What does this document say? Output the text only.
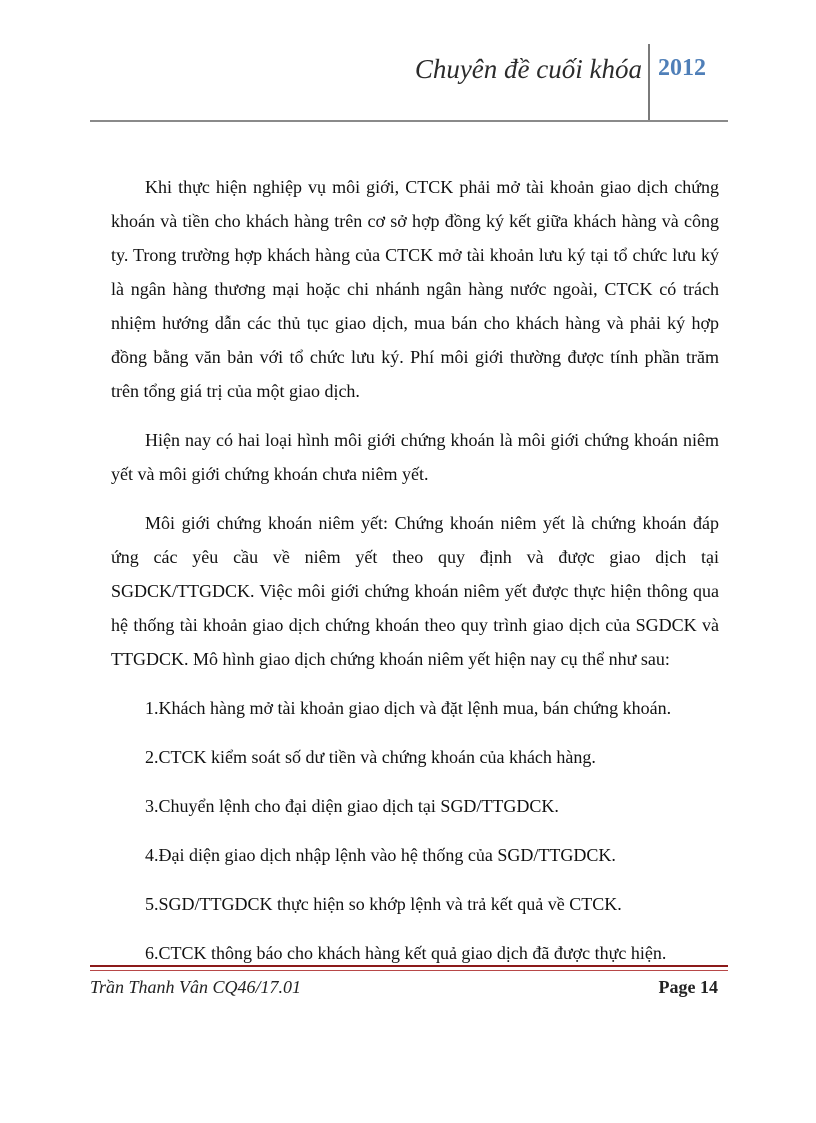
Chuyên đề cuối khóa 2012

Khi thực hiện nghiệp vụ môi giới, CTCK phải mở tài khoản giao dịch chứng khoán và tiền cho khách hàng trên cơ sở hợp đồng ký kết giữa khách hàng và công ty. Trong trường hợp khách hàng của CTCK mở tài khoản lưu ký tại tổ chức lưu ký là ngân hàng thương mại hoặc chi nhánh ngân hàng nước ngoài, CTCK có trách nhiệm hướng dẫn các thủ tục giao dịch, mua bán cho khách hàng và phải ký hợp đồng bằng văn bản với tổ chức lưu ký. Phí môi giới thường được tính phần trăm trên tổng giá trị của một giao dịch.

Hiện nay có hai loại hình môi giới chứng khoán là môi giới chứng khoán niêm yết và môi giới chứng khoán chưa niêm yết.

Môi giới chứng khoán niêm yết: Chứng khoán niêm yết là chứng khoán đáp ứng các yêu cầu về niêm yết theo quy định và được giao dịch tại SGDCK/TTGDCK. Việc môi giới chứng khoán niêm yết được thực hiện thông qua hệ thống tài khoản giao dịch chứng khoán theo quy trình giao dịch của SGDCK và TTGDCK. Mô hình giao dịch chứng khoán niêm yết hiện nay cụ thể như sau:

1.Khách hàng mở tài khoản giao dịch và đặt lệnh mua, bán chứng khoán.
2.CTCK kiểm soát số dư tiền và chứng khoán của khách hàng.
3.Chuyển lệnh cho đại diện giao dịch tại SGD/TTGDCK.
4.Đại diện giao dịch nhập lệnh vào hệ thống của SGD/TTGDCK.
5.SGD/TTGDCK thực hiện so khớp lệnh và trả kết quả về CTCK.
6.CTCK thông báo cho khách hàng kết quả giao dịch đã được thực hiện.
Trần Thanh Vân CQ46/17.01	Page 14
